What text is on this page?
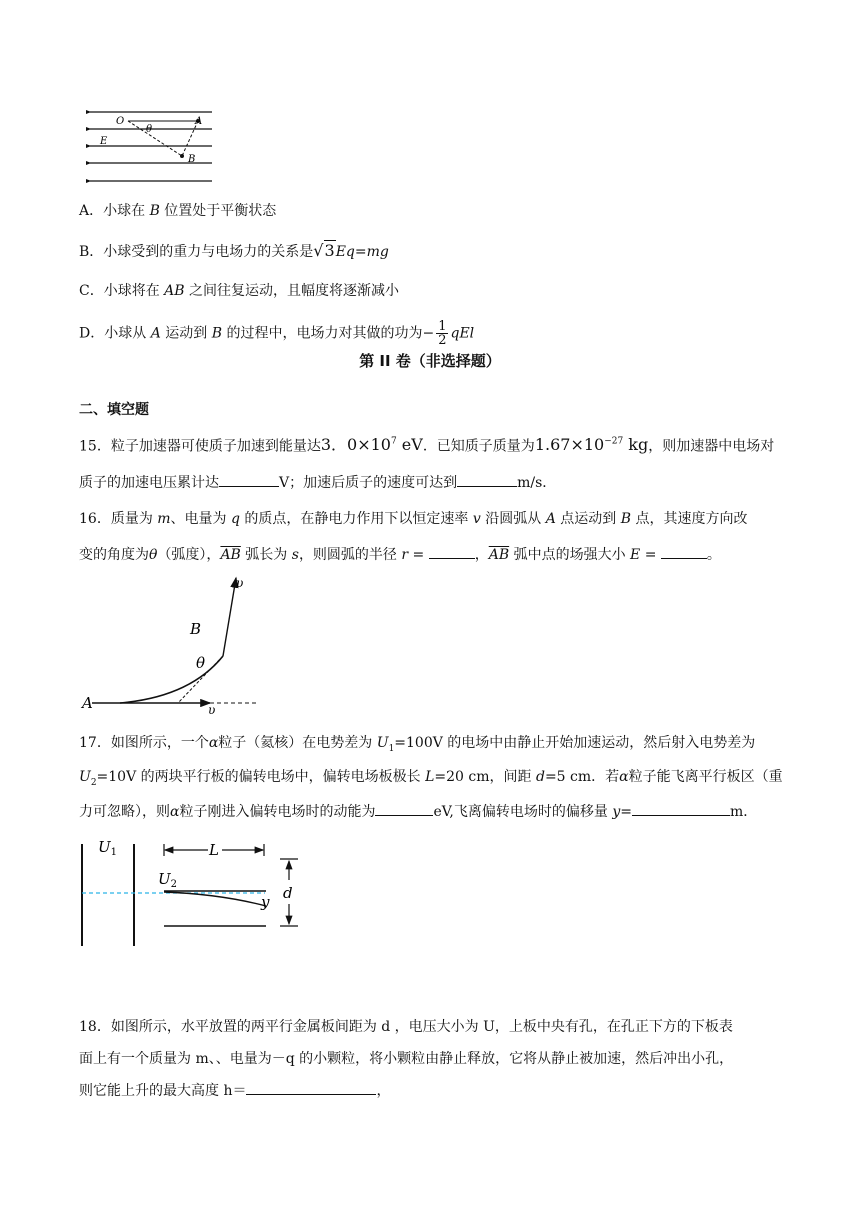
O
θ
A
E
B
A．小球在 B 位置处于平衡状态
B．小球受到的重力与电场力的关系是√3Eq=mg
C．小球将在 AB 之间往复运动，且幅度将逐渐减小
D．小球从 A 运动到 B 的过程中，电场力对其做的功为− $\frac{1}{2}$ qEl
第 II 卷（非选择题）
二、填空题
15．粒子加速器可使质子加速到能量达3．$0\times 10^7$ eV．已知质子质量为$1.67\times 10^{-27}$ kg，则加速器中电场对
质子的加速电压累计达	V；加速后质子的速度可达到	m/s．
16．质量为 m、电量为 q 的质点，在静电力作用下以恒定速率 v 沿圆弧从 A 点运动到 B 点，其速度方向改
变的角度为θ（弧度），$\overline{AB}$ 弧长为 s，则圆弧的半径 r =	，$\overline{AB}$ 弧中点的场强大小 E =	。
υ
B
θ
A	υ
17．如图所示，一个α粒子（氦核）在电势差为 $U_1=100V$ 的电场中由静止开始加速运动，然后射入电势差为
$U_2=10V$ 的两块平行板的偏转电场中，偏转电场板极长 L=20 cm，间距 d=5 cm．若α粒子能飞离平行板区（重
力可忽略），则α粒子刚进入偏转电场时的动能为	eV,飞离偏转电场时的偏移量 y=	m．
$U_1$	L
$U_2$	d
y
18．如图所示，水平放置的两平行金属板间距为 d ，电压大小为 U，上板中央有孔，在孔正下方的下板表
面上有一个质量为 m、、电量为－q 的小颗粒，将小颗粒由静止释放，它将从静止被加速，然后冲出小孔，
则它能上升的最大高度 h＝	，
